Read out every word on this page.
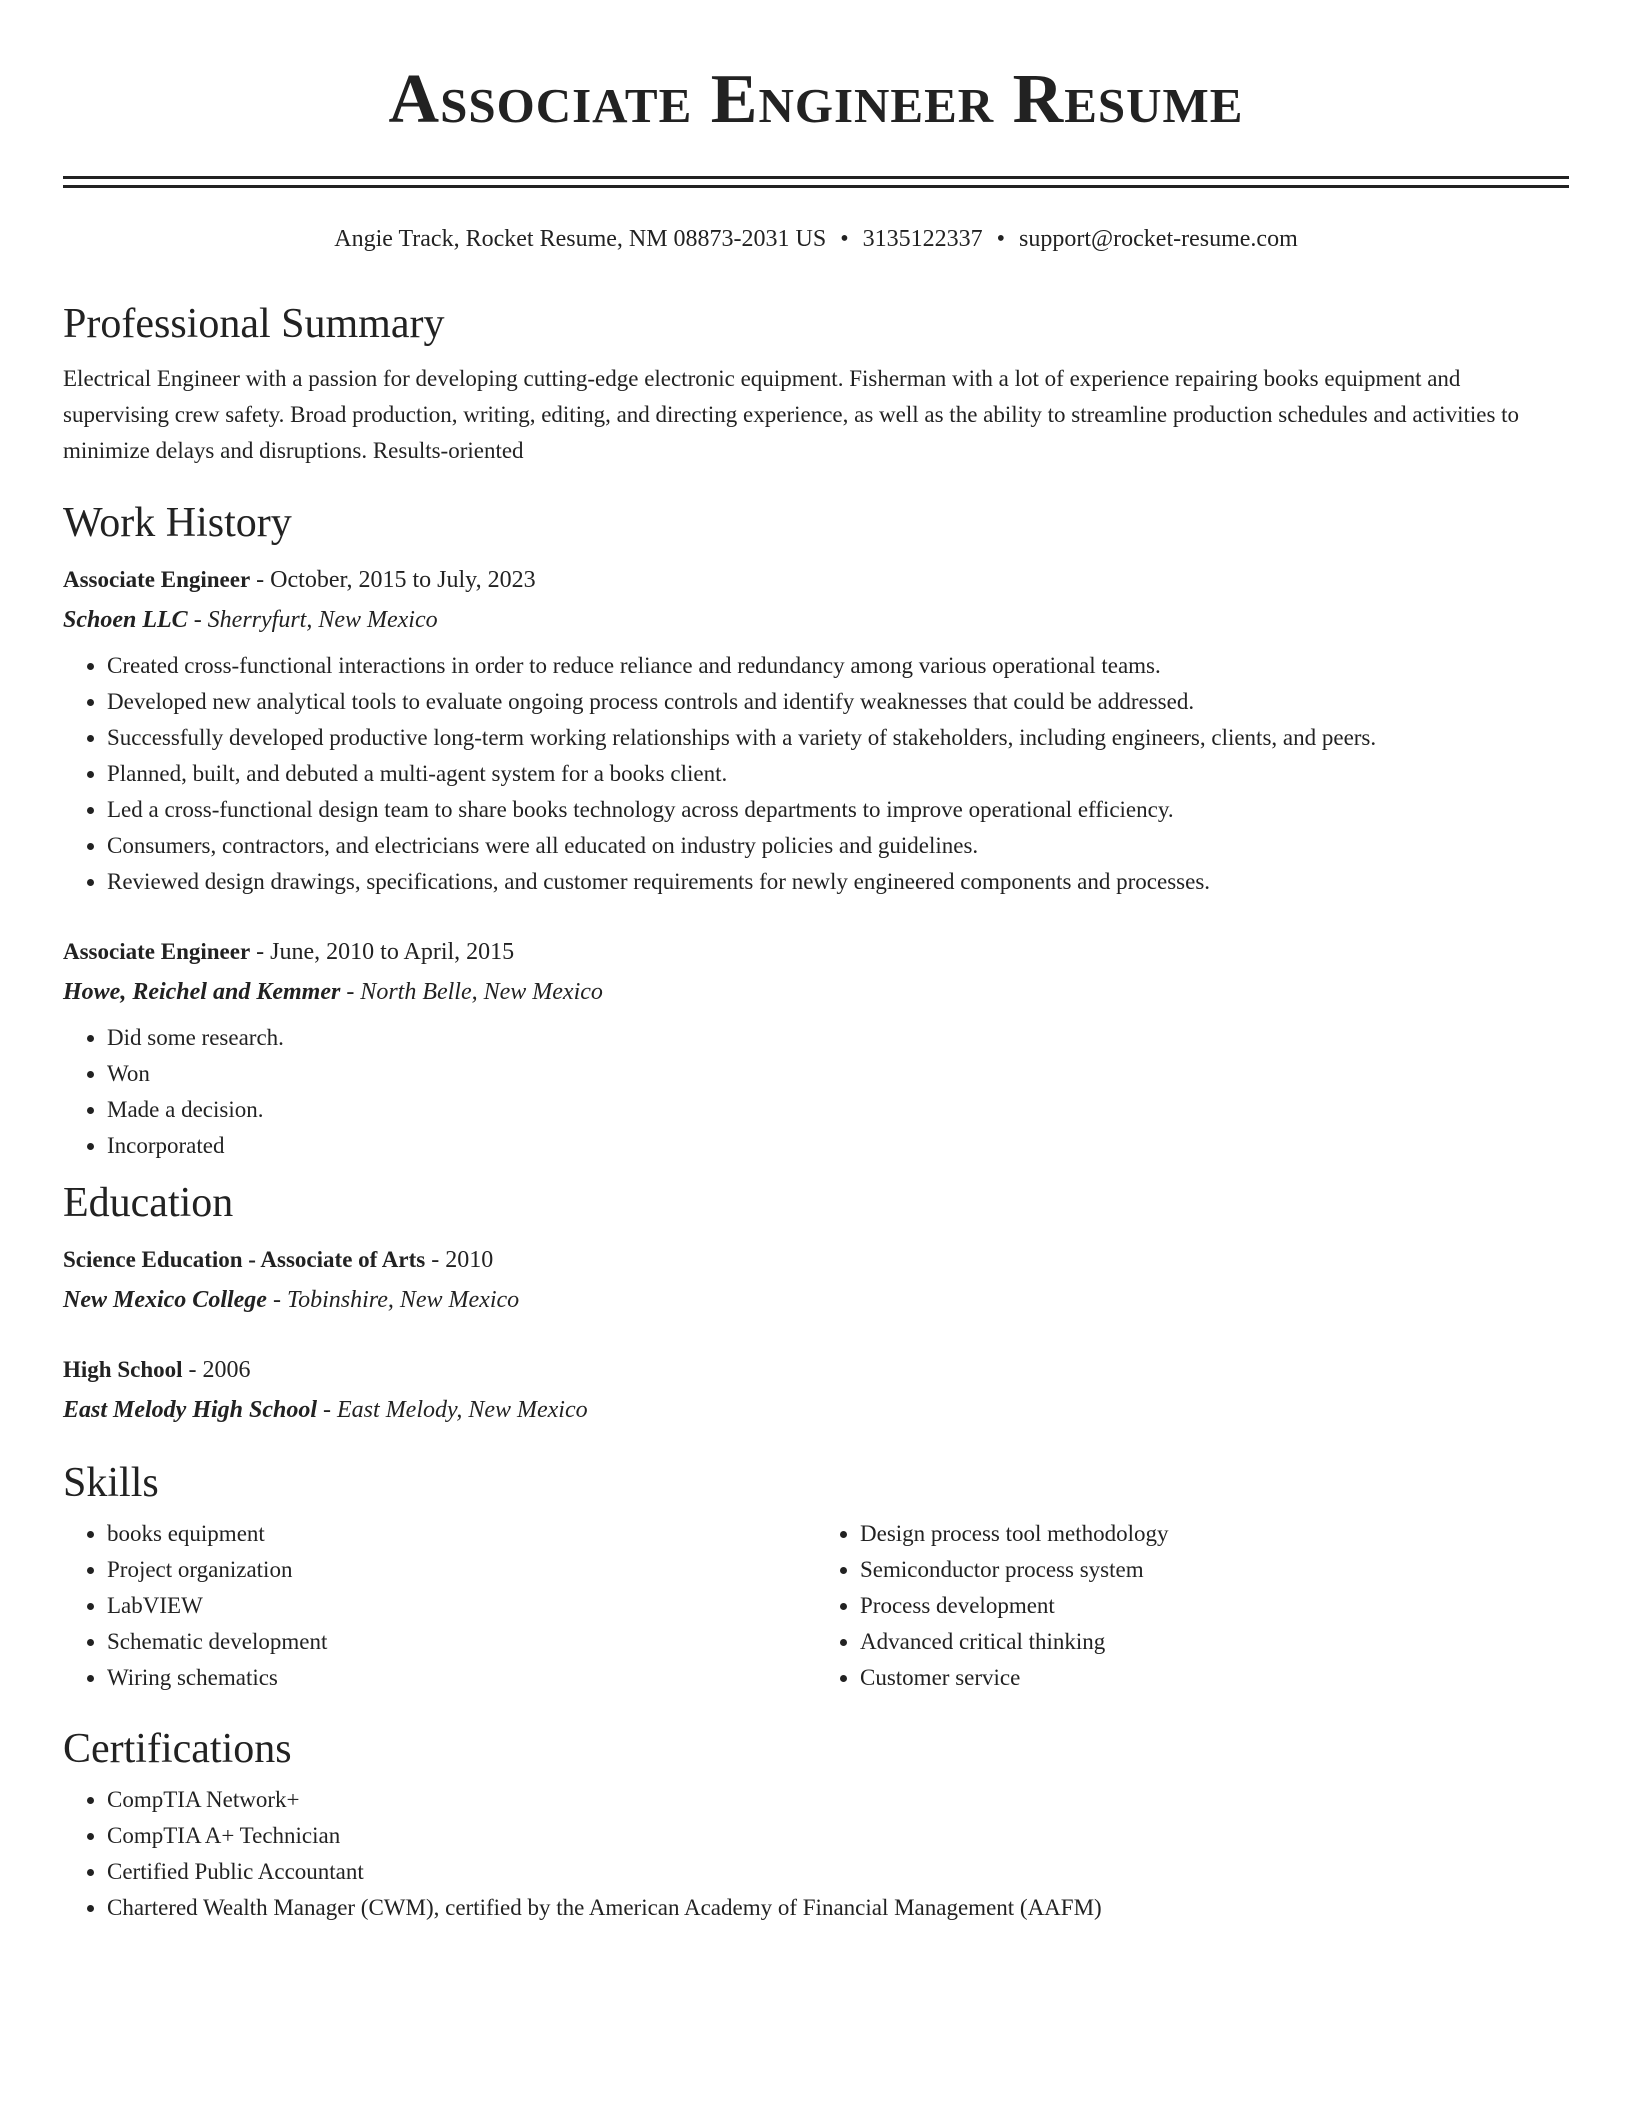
Associate Engineer Resume
Angie Track, Rocket Resume, NM 08873-2031 US • 3135122337 • support@rocket-resume.com
Professional Summary

Electrical Engineer with a passion for developing cutting-edge electronic equipment. Fisherman with a lot of experience repairing books equipment and supervising crew safety. Broad production, writing, editing, and directing experience, as well as the ability to streamline production schedules and activities to minimize delays and disruptions. Results-oriented

Work History
Associate Engineer - October, 2015 to July, 2023
Schoen LLC - Sherryfurt, New Mexico
• Created cross-functional interactions in order to reduce reliance and redundancy among various operational teams.
• Developed new analytical tools to evaluate ongoing process controls and identify weaknesses that could be addressed.
• Successfully developed productive long-term working relationships with a variety of stakeholders, including engineers, clients, and peers.
• Planned, built, and debuted a multi-agent system for a books client.
• Led a cross-functional design team to share books technology across departments to improve operational efficiency.
• Consumers, contractors, and electricians were all educated on industry policies and guidelines.
• Reviewed design drawings, specifications, and customer requirements for newly engineered components and processes.
Associate Engineer - June, 2010 to April, 2015
Howe, Reichel and Kemmer - North Belle, New Mexico
• Did some research.
• Won
• Made a decision.
• Incorporated
Education
Science Education - Associate of Arts - 2010
New Mexico College - Tobinshire, New Mexico
High School - 2006
East Melody High School - East Melody, New Mexico
Skills
• books equipment
• Project organization
• LabVIEW
• Schematic development
• Wiring schematics
• Design process tool methodology
• Semiconductor process system
• Process development
• Advanced critical thinking
• Customer service
Certifications
• CompTIA Network+
• CompTIA A+ Technician
• Certified Public Accountant
• Chartered Wealth Manager (CWM), certified by the American Academy of Financial Management (AAFM)
